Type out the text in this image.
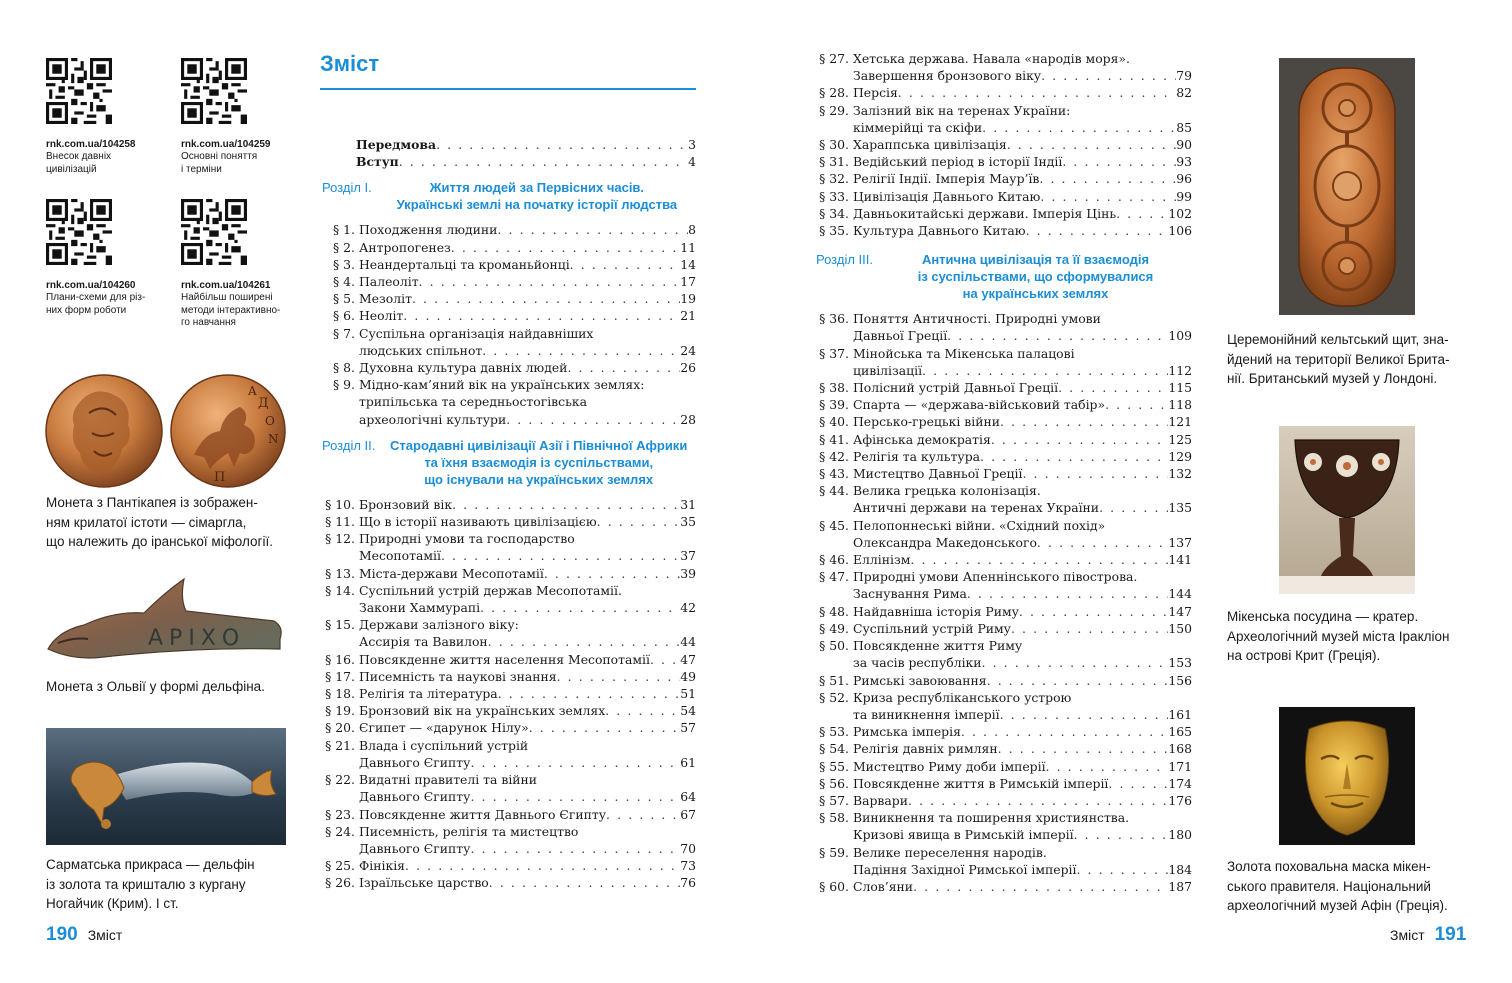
rnk.com.ua/104258
Внесок давніх
цивілізацій
rnk.com.ua/104259
Основні поняття
і терміни
rnk.com.ua/104260
Плани-схеми для різ-
них форм роботи
rnk.com.ua/104261
Найбільш поширені
методи інтерактивно-
го навчання
Д
Π
Ν
Ο
Α
Монета з Пантікапея із зображен-
ням крилатої істоти — сімаргла,
що належить до іранської міфології.
ΑΡΙΧΟ
Монета з Ольвії у формі дельфіна.
Сарматська прикраса — дельфін
із золота та кришталю з кургану
Ногайчик (Крим). І ст.
190 Зміст
Зміст
Передмова . . .	3
Вступ . . .	4
Розділ І.	Життя людей за Первісних часів.
Українські землі на початку історії людства
§ 1. Походження людини . . .	8
§ 2. Антропогенез . . .	11
§ 3. Неандертальці та кроманьйонці . . .	14
§ 4. Палеоліт . . .	17
§ 5. Мезоліт . . .	19
§ 6. Неоліт . . .	21
§ 7. Суспільна організація найдавніших
людських спільнот . . .	24
§ 8. Духовна культура давніх людей . . .	26
§ 9. Мідно-кам’яний вік на українських землях:
трипільська та середньостогівська
археологічні культури . . .	28
Розділ ІІ.	Стародавні цивілізації Азії і Північної Африки
та їхня взаємодія із суспільствами,
що існували на українських землях
§ 10. Бронзовий вік . . .	31
§ 11. Що в історії називають цивілізацією . . .	35
§ 12. Природні умови та господарство
Месопотамії . . .	37
§ 13. Міста-держави Месопотамії . . .	39
§ 14. Суспільний устрій держав Месопотамії.
Закони Хаммурапі . . .	42
§ 15. Держави залізного віку:
Ассирія та Вавилон . . .	44
§ 16. Повсякденне життя населення Месопотамії . . . 47
§ 17. Писемність та наукові знання . . .	49
§ 18. Релігія та література . . .	51
§ 19. Бронзовий вік на українських землях . . .	54
§ 20. Єгипет — «дарунок Нілу» . . .	57
§ 21. Влада і суспільний устрій
Давнього Єгипту . . .	61
§ 22. Видатні правителі та війни
Давнього Єгипту . . .	64
§ 23. Повсякденне життя Давнього Єгипту . . .	67
§ 24. Писемність, релігія та мистецтво
Давнього Єгипту . . .	70
§ 25. Фінікія . . .	73
§ 26. Ізраїльське царство . . .	76
§ 27. Хетська держава. Навала «народів моря».
Завершення бронзового віку . . .	79
§ 28. Персія . . .	82
§ 29. Залізний вік на теренах України:
кіммерійці та скіфи . . .	85
§ 30. Хараппська цивілізація . . .	90
§ 31. Ведійський період в історії Індії . . .	93
§ 32. Релігії Індії. Імперія Маур’їв . . .	96
§ 33. Цивілізація Давнього Китаю . . .	99
§ 34. Давньокитайські держави. Імперія Цінь . . .	102
§ 35. Культура Давнього Китаю . . .	106
Розділ ІІІ.	Антична цивілізація та її взаємодія
із суспільствами, що сформувалися
на українських землях
§ 36. Поняття Античності. Природні умови
Давньої Греції . . .	109
§ 37. Мінойська та Мікенська палацові
цивілізації . . .	112
§ 38. Полісний устрій Давньої Греції . . .	115
§ 39. Спарта — «держава-військовий табір» . . .	118
§ 40. Персько-грецькі війни . . .	121
§ 41. Афінська демократія . . .	125
§ 42. Релігія та культура . . .	129
§ 43. Мистецтво Давньої Греції . . .	132
§ 44. Велика грецька колонізація.
Античні держави на теренах України . . .	135
§ 45. Пелопоннеські війни. «Східний похід»
Олександра Македонського . . .	137
§ 46. Еллінізм . . .	141
§ 47. Природні умови Апеннінського півострова.
Заснування Рима . . .	144
§ 48. Найдавніша історія Риму . . .	147
§ 49. Суспільний устрій Риму . . .	150
§ 50. Повсякденне життя Риму
за часів республіки . . .	153
§ 51. Римські завоювання . . .	156
§ 52. Криза республіканського устрою
та виникнення імперії . . .	161
§ 53. Римська імперія . . .	165
§ 54. Релігія давніх римлян . . .	168
§ 55. Мистецтво Риму доби імперії . . .	171
§ 56. Повсякденне життя в Римській імперії . . .	174
§ 57. Варвари . . .	176
§ 58. Виникнення та поширення християнства.
Кризові явища в Римській імперії . . .	180
§ 59. Велике переселення народів.
Падіння Західної Римської імперії . . .	184
§ 60. Слов’яни . . .	187
Церемонійний кельтський щит, зна-
йдений на території Великої Брита-
нії. Британський музей у Лондоні.
Мікенська посудина — кратер.
Археологічний музей міста Іракліон
на острові Крит (Греція).
Золота поховальна маска мікен-
ського правителя. Національний
археологічний музей Афін (Греція).
Зміст 191
